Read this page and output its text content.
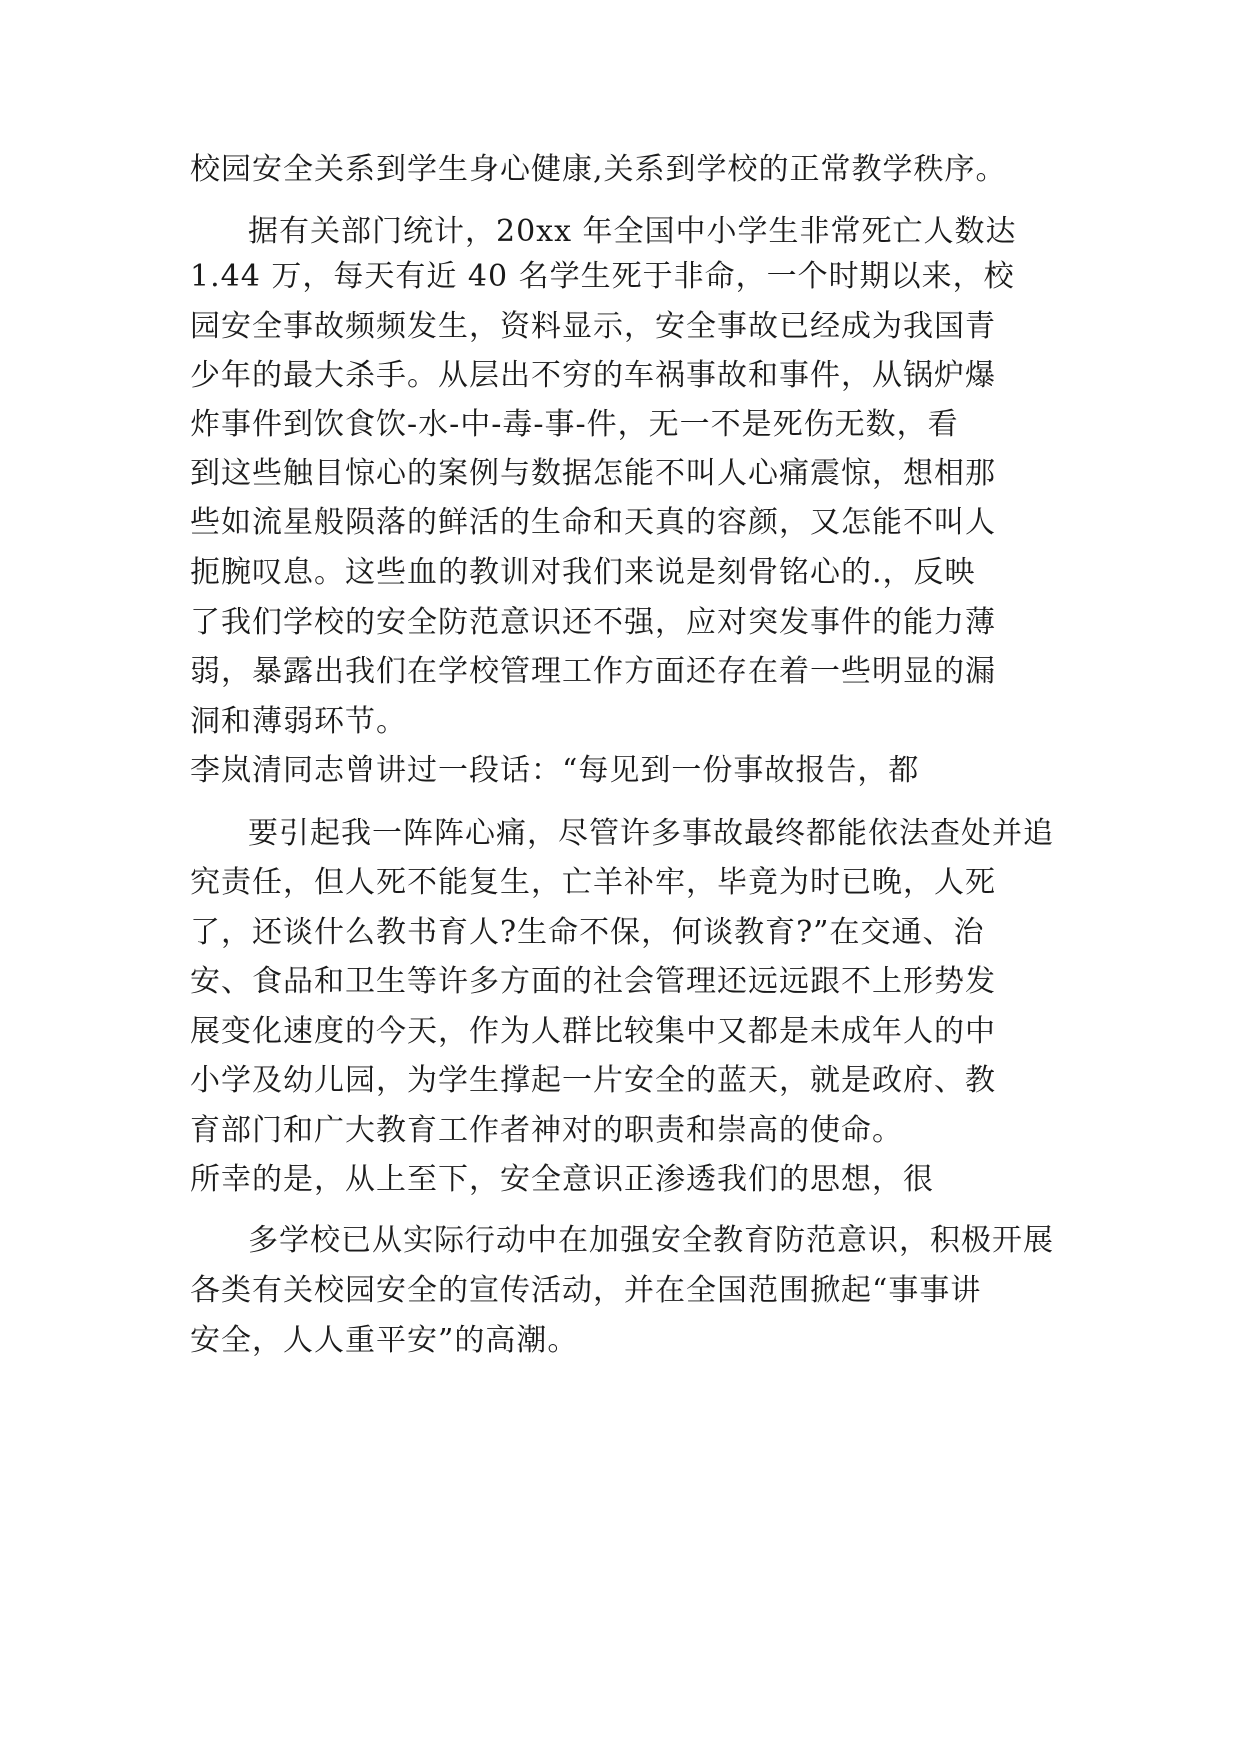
校园安全关系到学生身心健康,关系到学校的正常教学秩序。

据有关部门统计，20xx 年全国中小学生非常死亡人数达

1.44 万，每天有近 40 名学生死于非命，一个时期以来，校

园安全事故频频发生，资料显示，安全事故已经成为我国青

少年的最大杀手。从层出不穷的车祸事故和事件，从锅炉爆

炸事件到饮食饮-水-中-毒-事-件，无一不是死伤无数，看

到这些触目惊心的案例与数据怎能不叫人心痛震惊，想相那

些如流星般陨落的鲜活的生命和天真的容颜，又怎能不叫人

扼腕叹息。这些血的教训对我们来说是刻骨铭心的.，反映

了我们学校的安全防范意识还不强，应对突发事件的能力薄

弱，暴露出我们在学校管理工作方面还存在着一些明显的漏

洞和薄弱环节。

李岚清同志曾讲过一段话：“每见到一份事故报告，都

要引起我一阵阵心痛，尽管许多事故最终都能依法查处并追

究责任，但人死不能复生，亡羊补牢，毕竟为时已晚，人死

了，还谈什么教书育人?生命不保，何谈教育?”在交通、治

安、食品和卫生等许多方面的社会管理还远远跟不上形势发

展变化速度的今天，作为人群比较集中又都是未成年人的中

小学及幼儿园，为学生撑起一片安全的蓝天，就是政府、教

育部门和广大教育工作者神对的职责和崇高的使命。

所幸的是，从上至下，安全意识正渗透我们的思想，很

多学校已从实际行动中在加强安全教育防范意识，积极开展

各类有关校园安全的宣传活动，并在全国范围掀起“事事讲

安全，人人重平安”的高潮。
